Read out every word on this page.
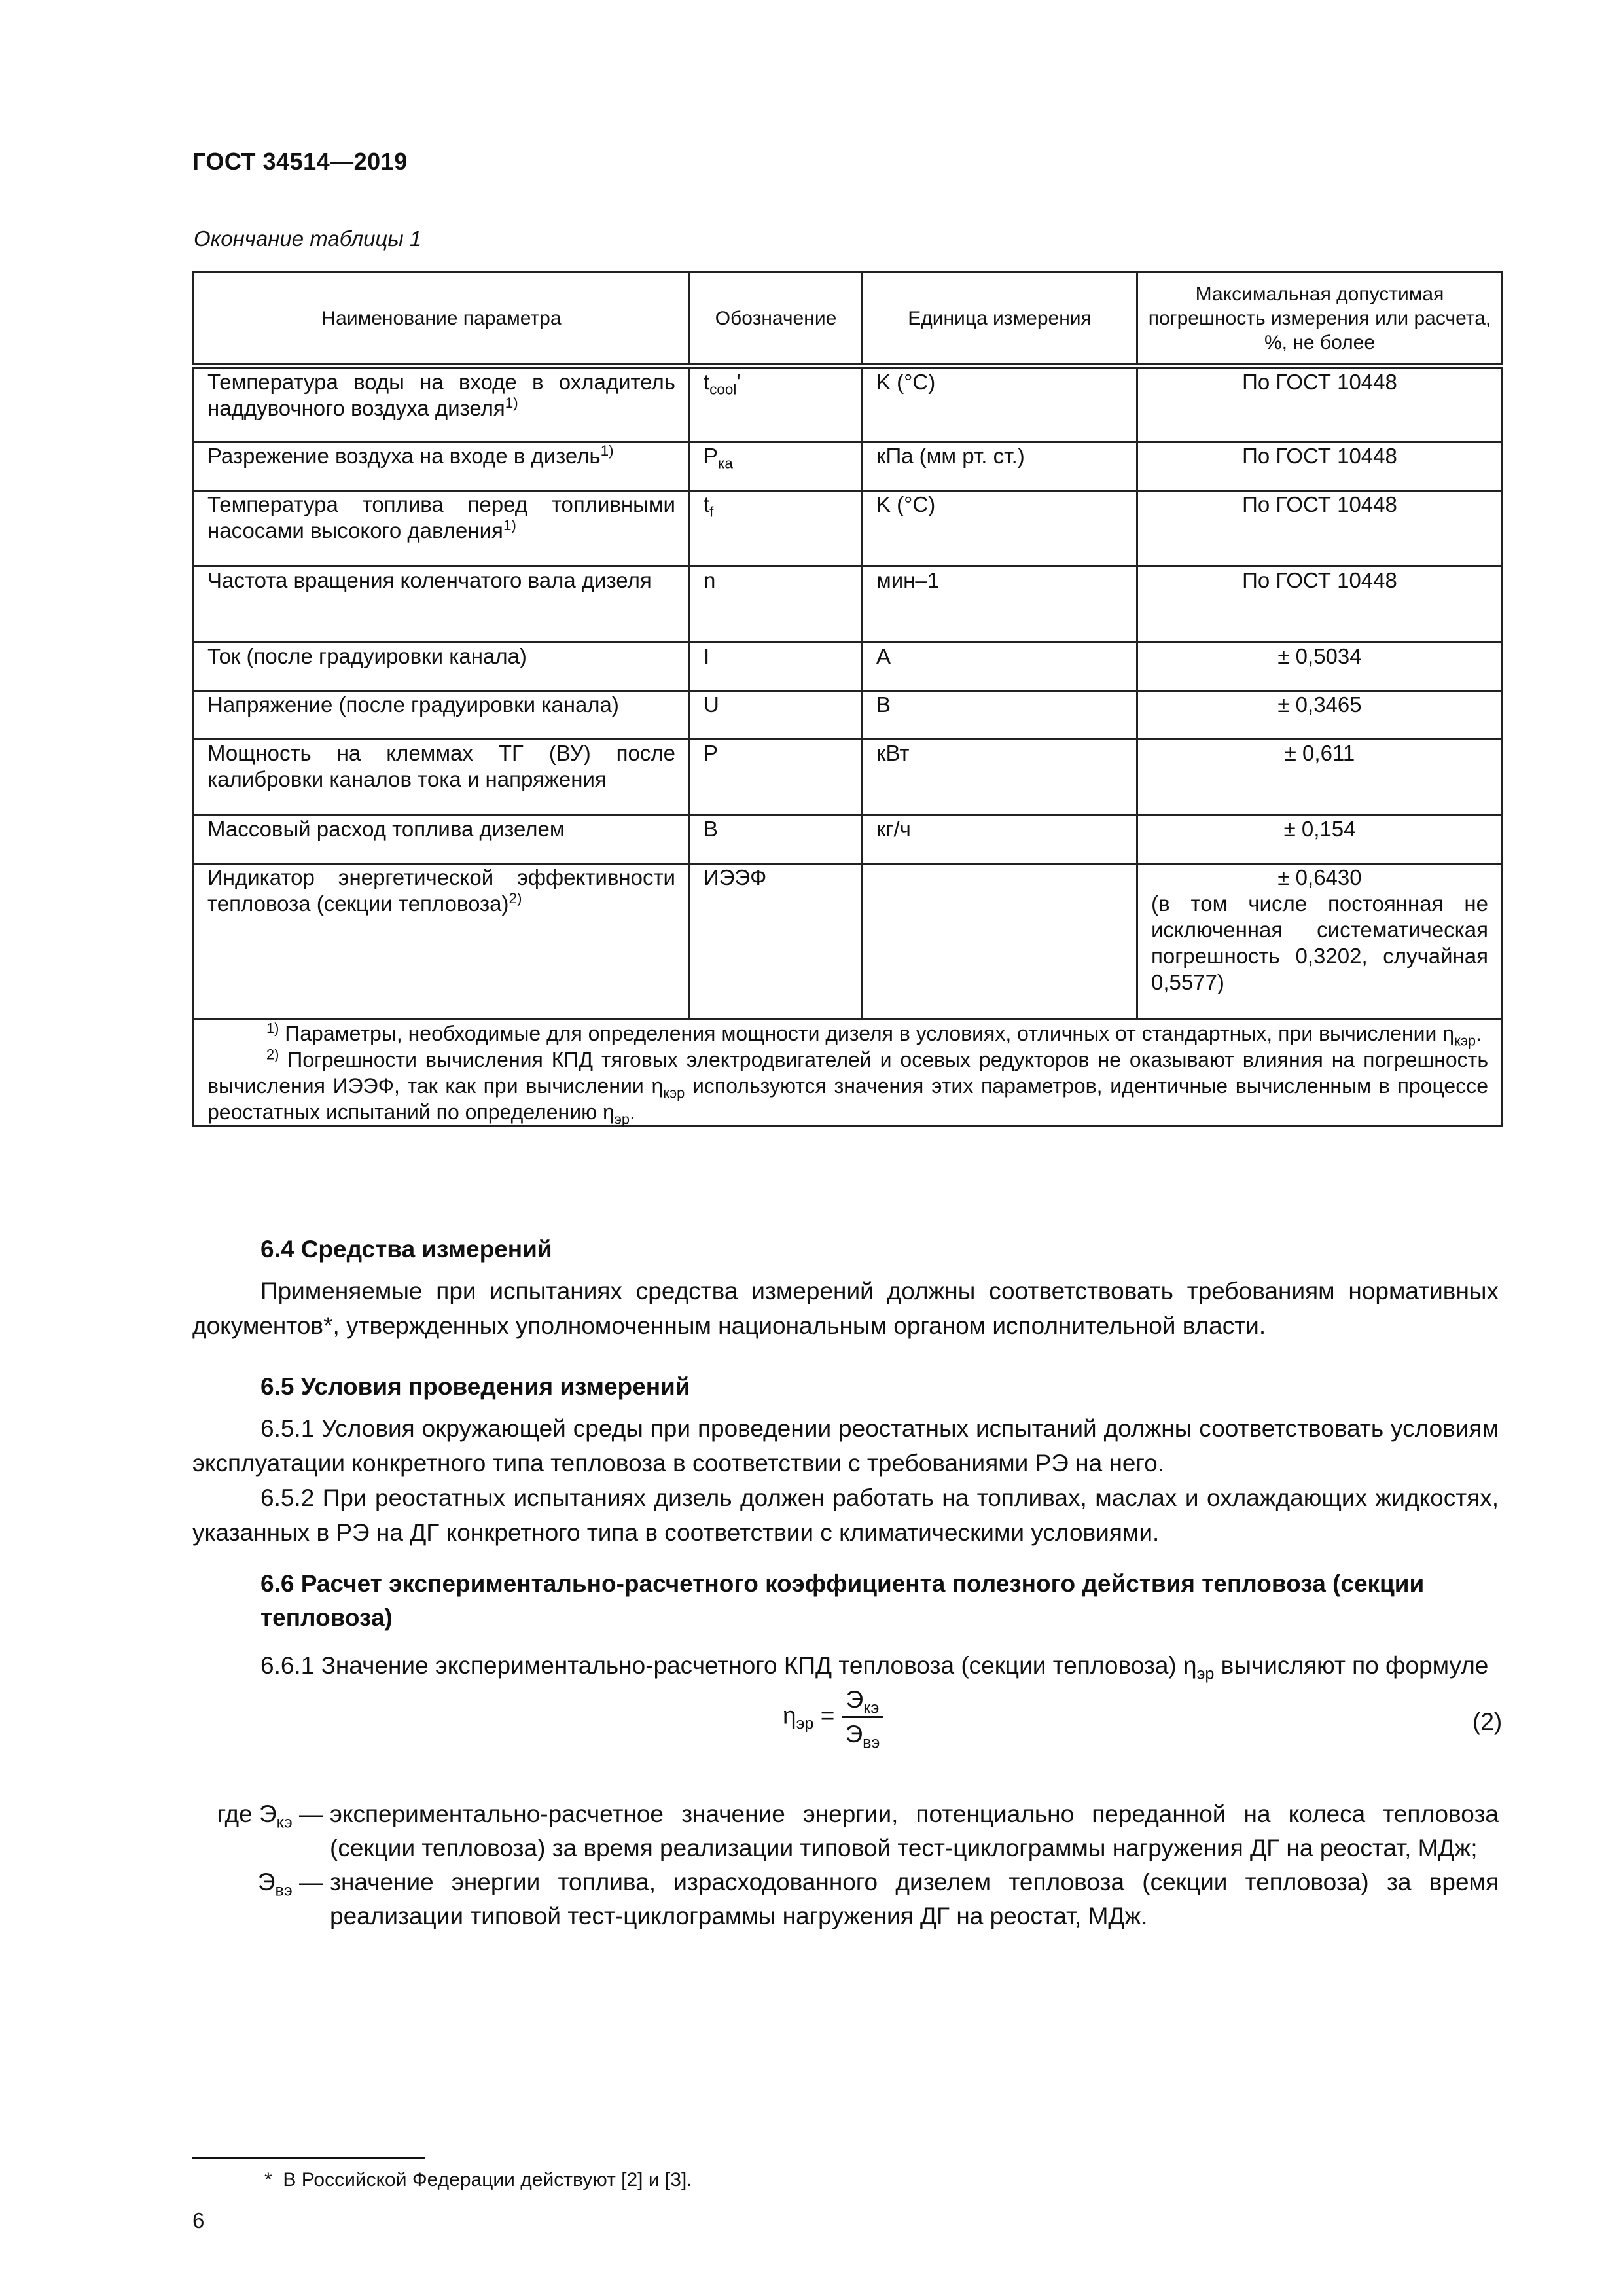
ГОСТ 34514—2019
Окончание таблицы 1
Наименование параметра	Обозначение	Единица измерения	Максимальная допустимая погрешность измерения или расчета, %, не более
Температура воды на входе в охладитель наддувочного воздуха дизеля$^{1)}$	$t_{cool}'$	K (°C)	По ГОСТ 10448
Разрежение воздуха на входе в дизель$^{1)}$	$P_{ка}$	кПа (мм рт. ст.)	По ГОСТ 10448
Температура топлива перед топливными насосами высокого давления$^{1)}$	$t_f$	K (°C)	По ГОСТ 10448
Частота вращения коленчатого вала дизеля	n	мин–1	По ГОСТ 10448
Ток (после градуировки канала)	I	А	± 0,5034
Напряжение (после градуировки канала)	U	В	± 0,3465
Мощность на клеммах ТГ (ВУ) после калибровки каналов тока и напряжения	P	кВт	± 0,611
Массовый расход топлива дизелем	B	кг/ч	± 0,154
Индикатор энергетической эффективности тепловоза (секции тепловоза)$^{2)}$	ИЭЭФ		± 0,6430
(в том числе постоянная не исключенная систематическая погрешность 0,3202, случайная 0,5577)

$^{1)}$ Параметры, необходимые для определения мощности дизеля в условиях, отличных от стандартных, при вычислении $\eta_{кэр}$.
$^{2)}$ Погрешности вычисления КПД тяговых электродвигателей и осевых редукторов не оказывают влияния на погрешность вычисления ИЭЭФ, так как при вычислении $\eta_{кэр}$ используются значения этих параметров, идентичные вычисленным в процессе реостатных испытаний по определению $\eta_{эр}$.			
6.4 Средства измерений
Применяемые при испытаниях средства измерений должны соответствовать требованиям нормативных документов*, утвержденных уполномоченным национальным органом исполнительной власти.
6.5 Условия проведения измерений
6.5.1 Условия окружающей среды при проведении реостатных испытаний должны соответствовать условиям эксплуатации конкретного типа тепловоза в соответствии с требованиями РЭ на него.
6.5.2 При реостатных испытаниях дизель должен работать на топливах, маслах и охлаждающих жидкостях, указанных в РЭ на ДГ конкретного типа в соответствии с климатическими условиями.
6.6 Расчет экспериментально-расчетного коэффициента полезного действия тепловоза (секции тепловоза)
6.6.1 Значение экспериментально-расчетного КПД тепловоза (секции тепловоза) $\eta_{эр}$ вычисляют по формуле
$\eta_{эр} = \frac{Э_{кэ}}{Э_{вэ}}$	(2)
где $Э_{кэ}$ — экспериментально-расчетное значение энергии, потенциально переданной на колеса тепловоза (секции тепловоза) за время реализации типовой тест-циклограммы нагружения ДГ на реостат, МДж;
$Э_{вэ}$ — значение энергии топлива, израсходованного дизелем тепловоза (секции тепловоза) за время реализации типовой тест-циклограммы нагружения ДГ на реостат, МДж.
* В Российской Федерации действуют [2] и [3].
6
